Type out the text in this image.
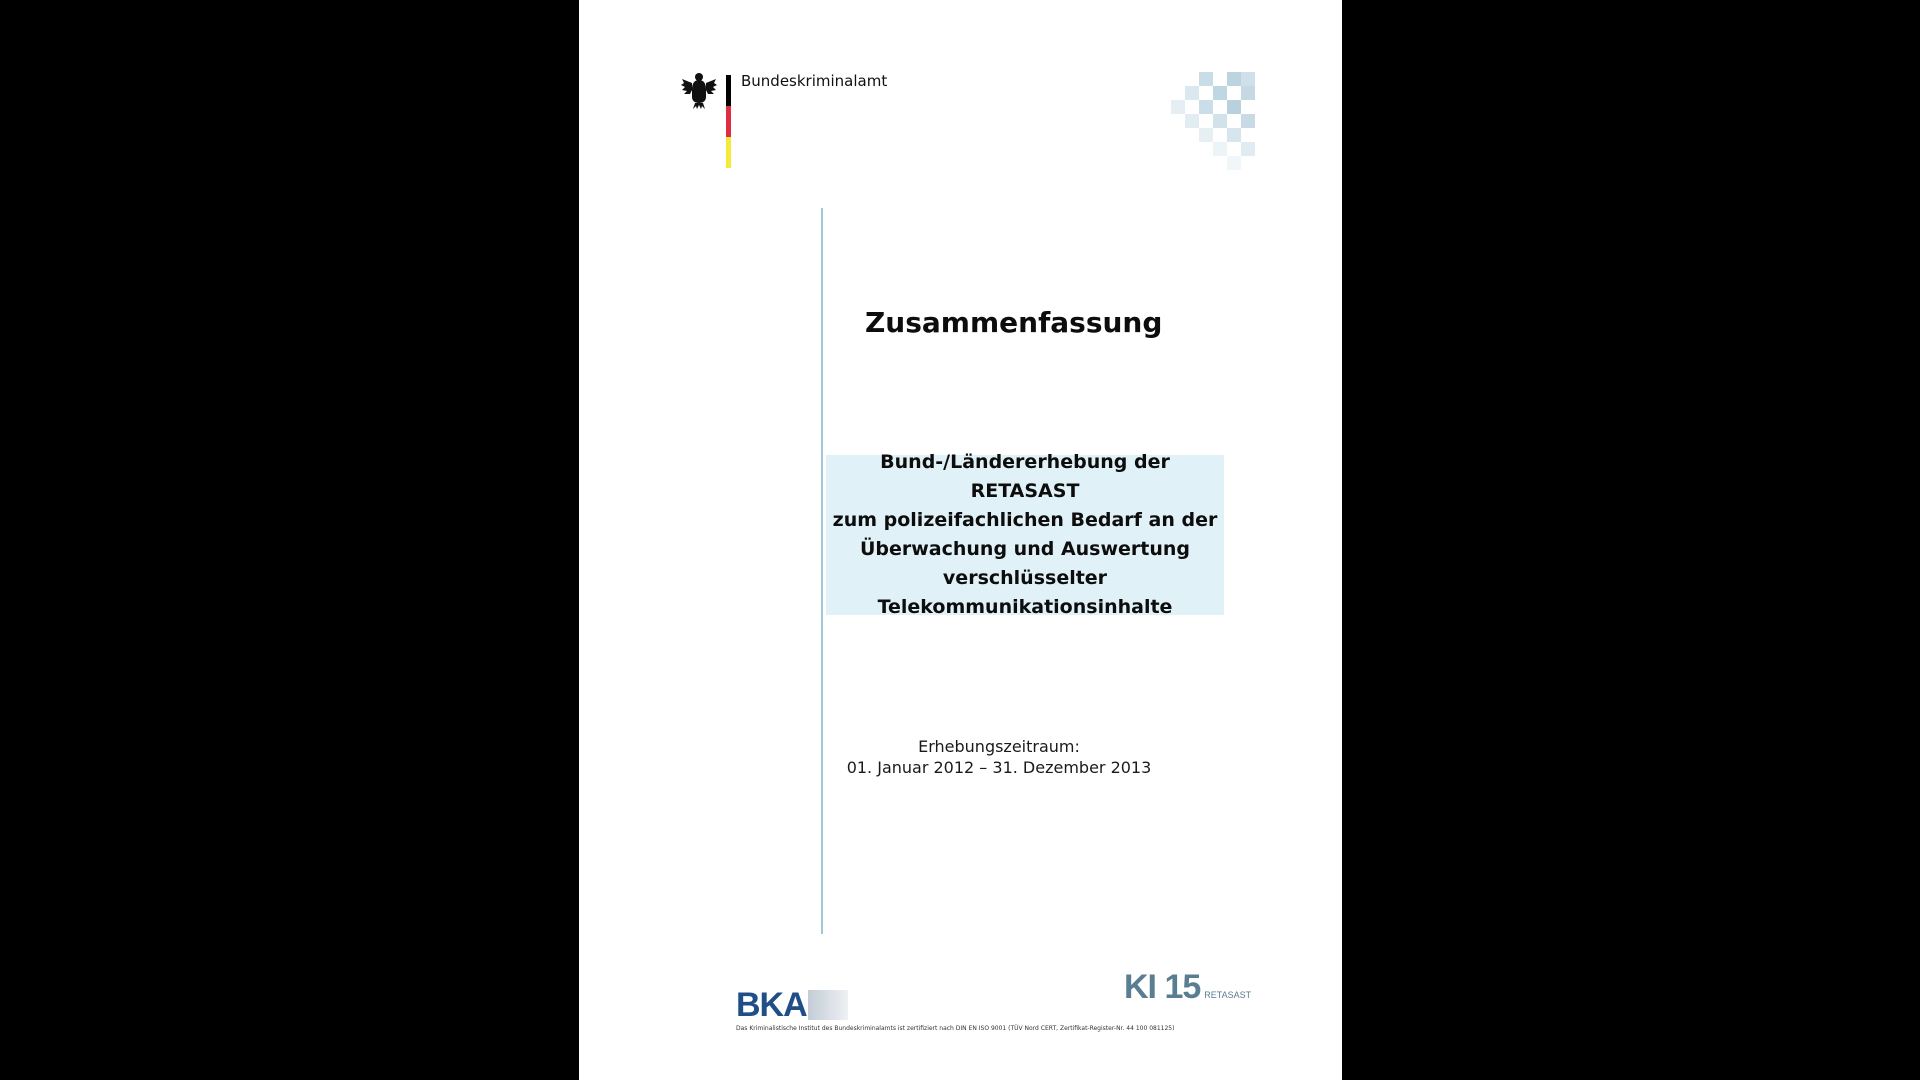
Bundeskriminalamt
Zusammenfassung

Bund-/Ländererhebung der RETASAST
zum polizeifachlichen Bedarf an der
Überwachung und Auswertung
verschlüsselter
Telekommunikationsinhalte

Erhebungszeitraum:
01. Januar 2012 – 31. Dezember 2013
BKA	KI 15 RETASAST
Das Kriminalistische Institut des Bundeskriminalamts ist zertifiziert nach DIN EN ISO 9001 (TÜV Nord CERT, Zertifikat-Register-Nr. 44 100 081125)
